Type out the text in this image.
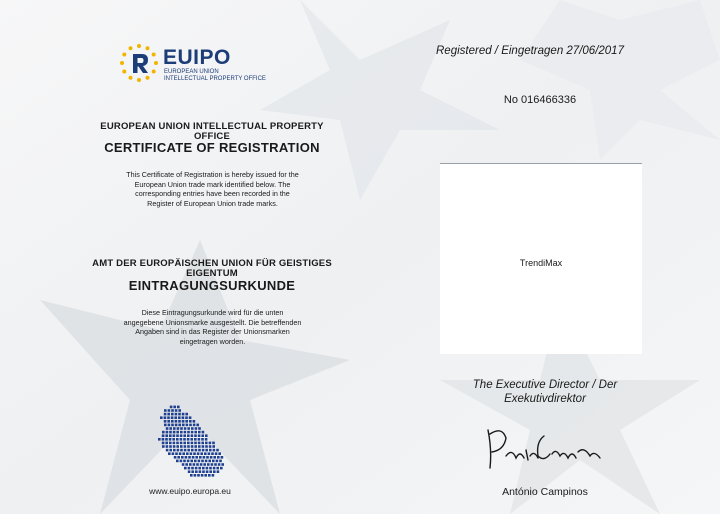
EUIPO
EUROPEAN UNION
INTELLECTUAL PROPERTY OFFICE
EUROPEAN UNION INTELLECTUAL PROPERTY
OFFICE
CERTIFICATE OF REGISTRATION
This Certificate of Registration is hereby issued for the
European Union trade mark identified below. The
corresponding entries have been recorded in the
Register of European Union trade marks.
AMT DER EUROPÄISCHEN UNION FÜR GEISTIGES
EIGENTUM
EINTRAGUNGSURKUNDE
Diese Eintragungsurkunde wird für die unten
angegebene Unionsmarke ausgestellt. Die betreffenden
Angaben sind in das Register der Unionsmarken
eingetragen worden.
www.euipo.europa.eu
Registered / Eingetragen 27/06/2017
No 016466336
TrendiMax
The Executive Director / Der
Exekutivdirektor
António Campinos
